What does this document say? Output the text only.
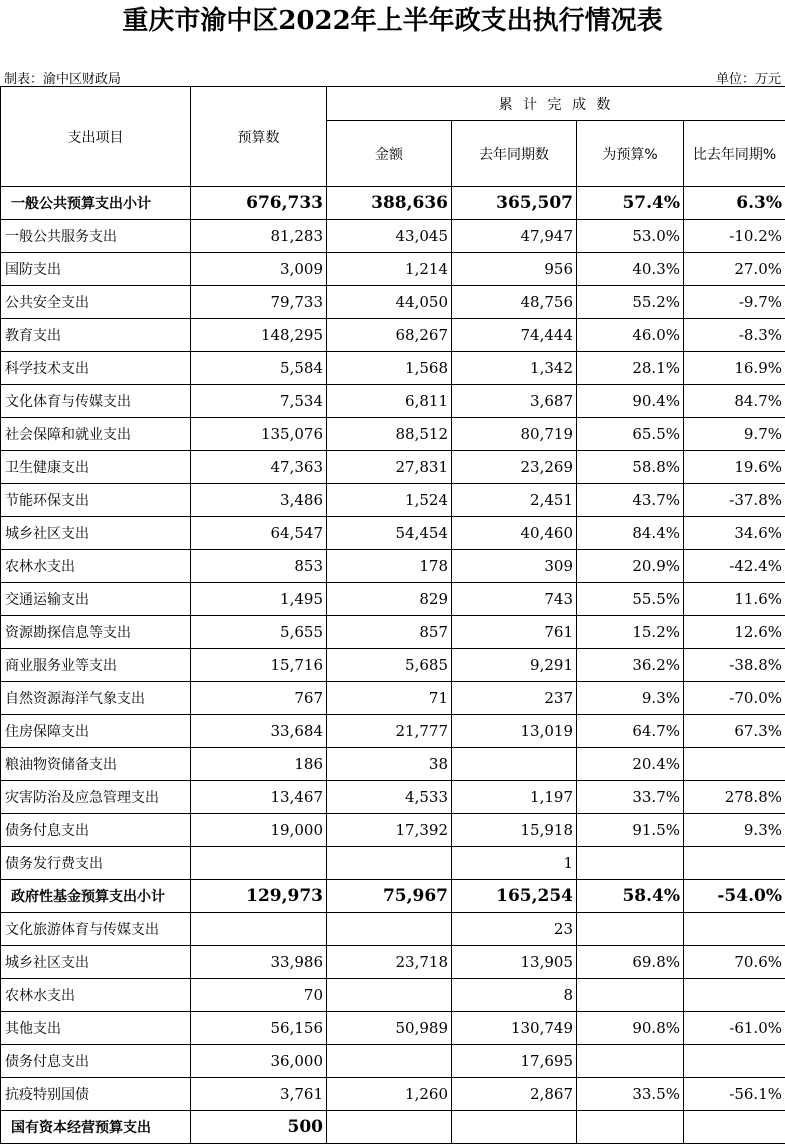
重庆市渝中区2022年上半年政支出执行情况表
制表：渝中区财政局	单位：万元
支出项目	预算数	累 计 完 成 数			
		金额	去年同期数	为预算%	比去年同期%
一般公共预算支出小计	676,733	388,636	365,507	57.4%	6.3%
一般公共服务支出	81,283	43,045	47,947	53.0%	-10.2%
国防支出	3,009	1,214	956	40.3%	27.0%
公共安全支出	79,733	44,050	48,756	55.2%	-9.7%
教育支出	148,295	68,267	74,444	46.0%	-8.3%
科学技术支出	5,584	1,568	1,342	28.1%	16.9%
文化体育与传媒支出	7,534	6,811	3,687	90.4%	84.7%
社会保障和就业支出	135,076	88,512	80,719	65.5%	9.7%
卫生健康支出	47,363	27,831	23,269	58.8%	19.6%
节能环保支出	3,486	1,524	2,451	43.7%	-37.8%
城乡社区支出	64,547	54,454	40,460	84.4%	34.6%
农林水支出	853	178	309	20.9%	-42.4%
交通运输支出	1,495	829	743	55.5%	11.6%
资源勘探信息等支出	5,655	857	761	15.2%	12.6%
商业服务业等支出	15,716	5,685	9,291	36.2%	-38.8%
自然资源海洋气象支出	767	71	237	9.3%	-70.0%
住房保障支出	33,684	21,777	13,019	64.7%	67.3%
粮油物资储备支出	186	38		20.4%	
灾害防治及应急管理支出	13,467	4,533	1,197	33.7%	278.8%
债务付息支出	19,000	17,392	15,918	91.5%	9.3%
债务发行费支出			1		
政府性基金预算支出小计	129,973	75,967	165,254	58.4%	-54.0%
文化旅游体育与传媒支出			23		
城乡社区支出	33,986	23,718	13,905	69.8%	70.6%
农林水支出	70		8		
其他支出	56,156	50,989	130,749	90.8%	-61.0%
债务付息支出	36,000		17,695		
抗疫特别国债	3,761	1,260	2,867	33.5%	-56.1%
国有资本经营预算支出	500				
